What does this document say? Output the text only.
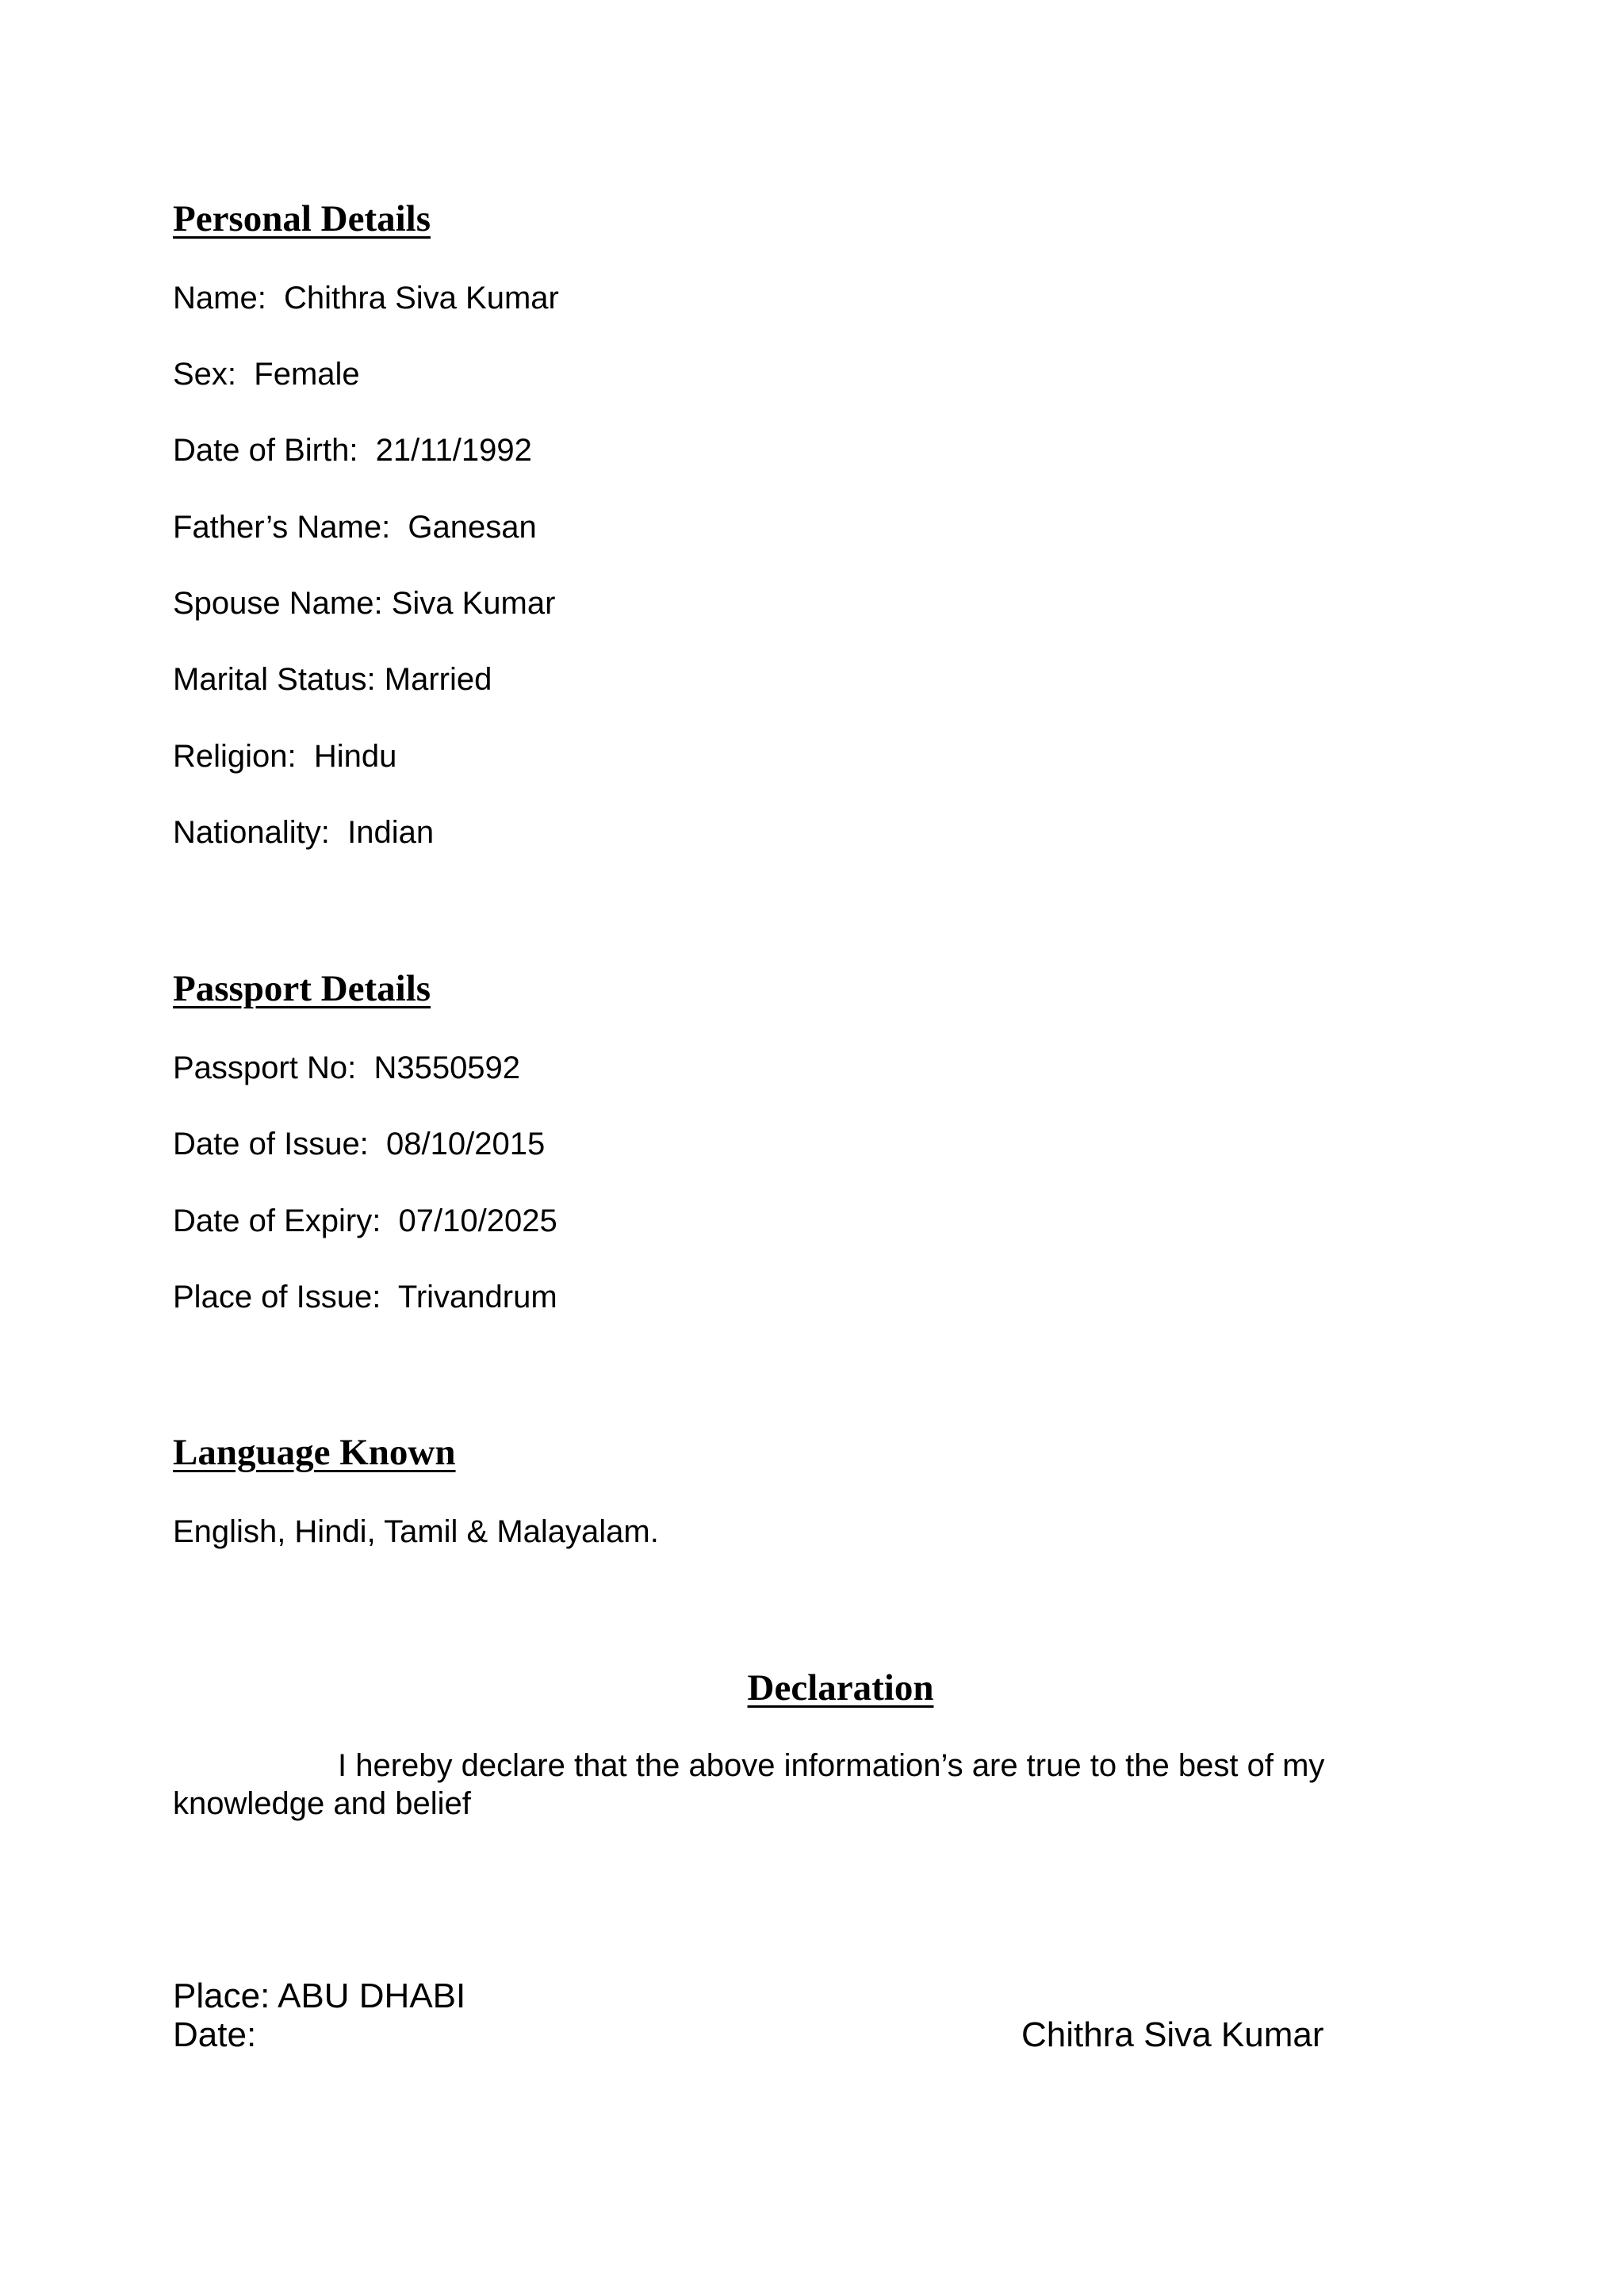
Personal Details
Name:  Chithra Siva Kumar
Sex:  Female
Date of Birth:  21/11/1992
Father’s Name:  Ganesan
Spouse Name: Siva Kumar
Marital Status: Married
Religion:  Hindu
Nationality:  Indian
Passport Details
Passport No:  N3550592
Date of Issue:  08/10/2015
Date of Expiry:  07/10/2025
Place of Issue:  Trivandrum
Language Known
English, Hindi, Tamil & Malayalam.
Declaration
I hereby declare that the above information’s are true to the best of my knowledge and belief
Place: ABU DHABI
Date:	Chithra Siva Kumar
